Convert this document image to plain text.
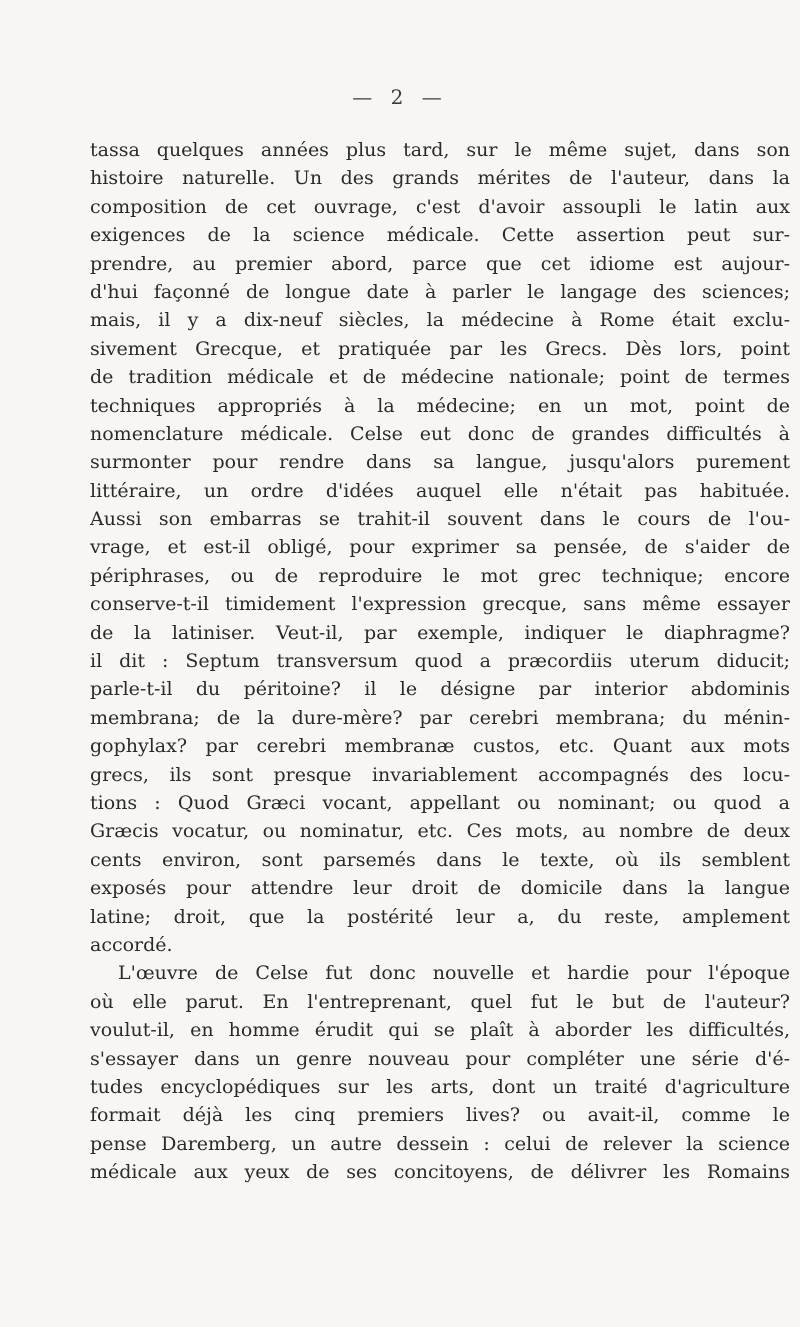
— 2 —
tassa quelques années plus tard, sur le même sujet, dans son
histoire naturelle. Un des grands mérites de l'auteur, dans la
composition de cet ouvrage, c'est d'avoir assoupli le latin aux
exigences de la science médicale. Cette assertion peut sur-
prendre, au premier abord, parce que cet idiome est aujour-
d'hui façonné de longue date à parler le langage des sciences;
mais, il y a dix-neuf siècles, la médecine à Rome était exclu-
sivement Grecque, et pratiquée par les Grecs. Dès lors, point
de tradition médicale et de médecine nationale; point de termes
techniques appropriés à la médecine; en un mot, point de
nomenclature médicale. Celse eut donc de grandes difficultés à
surmonter pour rendre dans sa langue, jusqu'alors purement
littéraire, un ordre d'idées auquel elle n'était pas habituée.
Aussi son embarras se trahit-il souvent dans le cours de l'ou-
vrage, et est-il obligé, pour exprimer sa pensée, de s'aider de
périphrases, ou de reproduire le mot grec technique; encore
conserve-t-il timidement l'expression grecque, sans même essayer
de la latiniser. Veut-il, par exemple, indiquer le diaphragme?
il dit : Septum transversum quod a præcordiis uterum diducit;
parle-t-il du péritoine? il le désigne par interior abdominis
membrana; de la dure-mère? par cerebri membrana; du ménin-
gophylax? par cerebri membranæ custos, etc. Quant aux mots
grecs, ils sont presque invariablement accompagnés des locu-
tions : Quod Græci vocant, appellant ou nominant; ou quod a
Græcis vocatur, ou nominatur, etc. Ces mots, au nombre de deux
cents environ, sont parsemés dans le texte, où ils semblent
exposés pour attendre leur droit de domicile dans la langue
latine; droit, que la postérité leur a, du reste, amplement
accordé.
L'œuvre de Celse fut donc nouvelle et hardie pour l'époque
où elle parut. En l'entreprenant, quel fut le but de l'auteur?
voulut-il, en homme érudit qui se plaît à aborder les difficultés,
s'essayer dans un genre nouveau pour compléter une série d'é-
tudes encyclopédiques sur les arts, dont un traité d'agriculture
formait déjà les cinq premiers lives? ou avait-il, comme le
pense Daremberg, un autre dessein : celui de relever la science
médicale aux yeux de ses concitoyens, de délivrer les Romains
